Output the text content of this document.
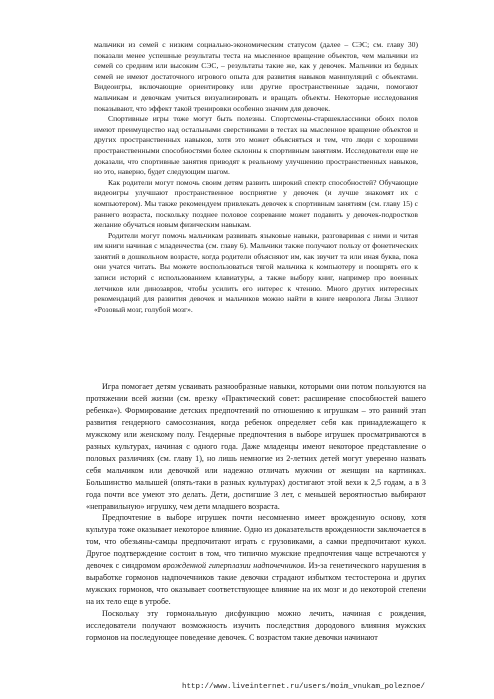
мальчики из семей с низким социально-экономическим статусом (далее – СЭС; см. главу 30) показали менее успешные результаты теста на мысленное вращение объектов, чем мальчики из семей со средним или высоким СЭС, – результаты такие же, как у девочек. Мальчики из бедных семей не имеют достаточного игрового опыта для развития навыков манипуляций с объектами. Видеоигры, включающие ориентировку или другие пространственные задачи, помогают мальчикам и девочкам учиться визуализировать и вращать объекты. Некоторые исследования показывают, что эффект такой тренировки особенно значим для девочек.

Спортивные игры тоже могут быть полезны. Спортсмены-старшеклассники обоих полов имеют преимущество над остальными сверстниками в тестах на мысленное вращение объектов и других пространственных навыков, хотя это может объясняться и тем, что люди с хорошими пространственными способностями более склонны к спортивным занятиям. Исследователи еще не доказали, что спортивные занятия приводят к реальному улучшению пространственных навыков, но это, наверно, будет следующим шагом.

Как родители могут помочь своим детям развить широкий спектр способностей? Обучающие видеоигры улучшают пространственное восприятие у девочек (и лучше знакомят их с компьютером). Мы также рекомендуем привлекать девочек к спортивным занятиям (см. главу 15) с раннего возраста, поскольку позднее половое созревание может подавить у девочек-подростков желание обучаться новым физическим навыкам.

Родители могут помочь мальчикам развивать языковые навыки, разговаривая с ними и читая им книги начиная с младенчества (см. главу 6). Мальчики также получают пользу от фонетических занятий в дошкольном возрасте, когда родители объясняют им, как звучит та или иная буква, пока они учатся читать. Вы можете воспользоваться тягой мальчика к компьютеру и поощрять его к записи историй с использованием клавиатуры, а также выбору книг, например про военных летчиков или динозавров, чтобы усилить его интерес к чтению. Много других интересных рекомендаций для развития девочек и мальчиков можно найти в книге невролога Лизы Эллиот «Розовый мозг, голубой мозг».

Игра помогает детям усваивать разнообразные навыки, которыми они потом пользуются на протяжении всей жизни (см. врезку «Практический совет: расширение способностей вашего ребенка»). Формирование детских предпочтений по отношению к игрушкам – это ранний этап развития гендерного самосознания, когда ребенок определяет себя как принадлежащего к мужскому или женскому полу. Гендерные предпочтения в выборе игрушек просматриваются в разных культурах, начиная с одного года. Даже младенцы имеют некоторое представление о половых различиях (см. главу 1), но лишь немногие из 2-летних детей могут уверенно назвать себя мальчиком или девочкой или надежно отличать мужчин от женщин на картинках. Большинство малышей (опять-таки в разных культурах) достигают этой вехи к 2,5 годам, а в 3 года почти все умеют это делать. Дети, достигшие 3 лет, с меньшей вероятностью выбирают «неправильную» игрушку, чем дети младшего возраста.

Предпочтение в выборе игрушек почти несомненно имеет врожденную основу, хотя культура тоже оказывает некоторое влияние. Одно из доказательств врожденности заключается в том, что обезьяны-самцы предпочитают играть с грузовиками, а самки предпочитают кукол. Другое подтверждение состоит в том, что типично мужские предпочтения чаще встречаются у девочек с синдромом врожденной гиперплазии надпочечников. Из-за генетического нарушения в выработке гормонов надпочечников такие девочки страдают избытком тестостерона и других мужских гормонов, что оказывает соответствующее влияние на их мозг и до некоторой степени на их тело еще в утробе.

Поскольку эту гормональную дисфункцию можно лечить, начиная с рождения, исследователи получают возможность изучить последствия дородового влияния мужских гормонов на последующее поведение девочек. С возрастом такие девочки начинают

http://www.liveinternet.ru/users/moim_vnukam_poleznoe/
